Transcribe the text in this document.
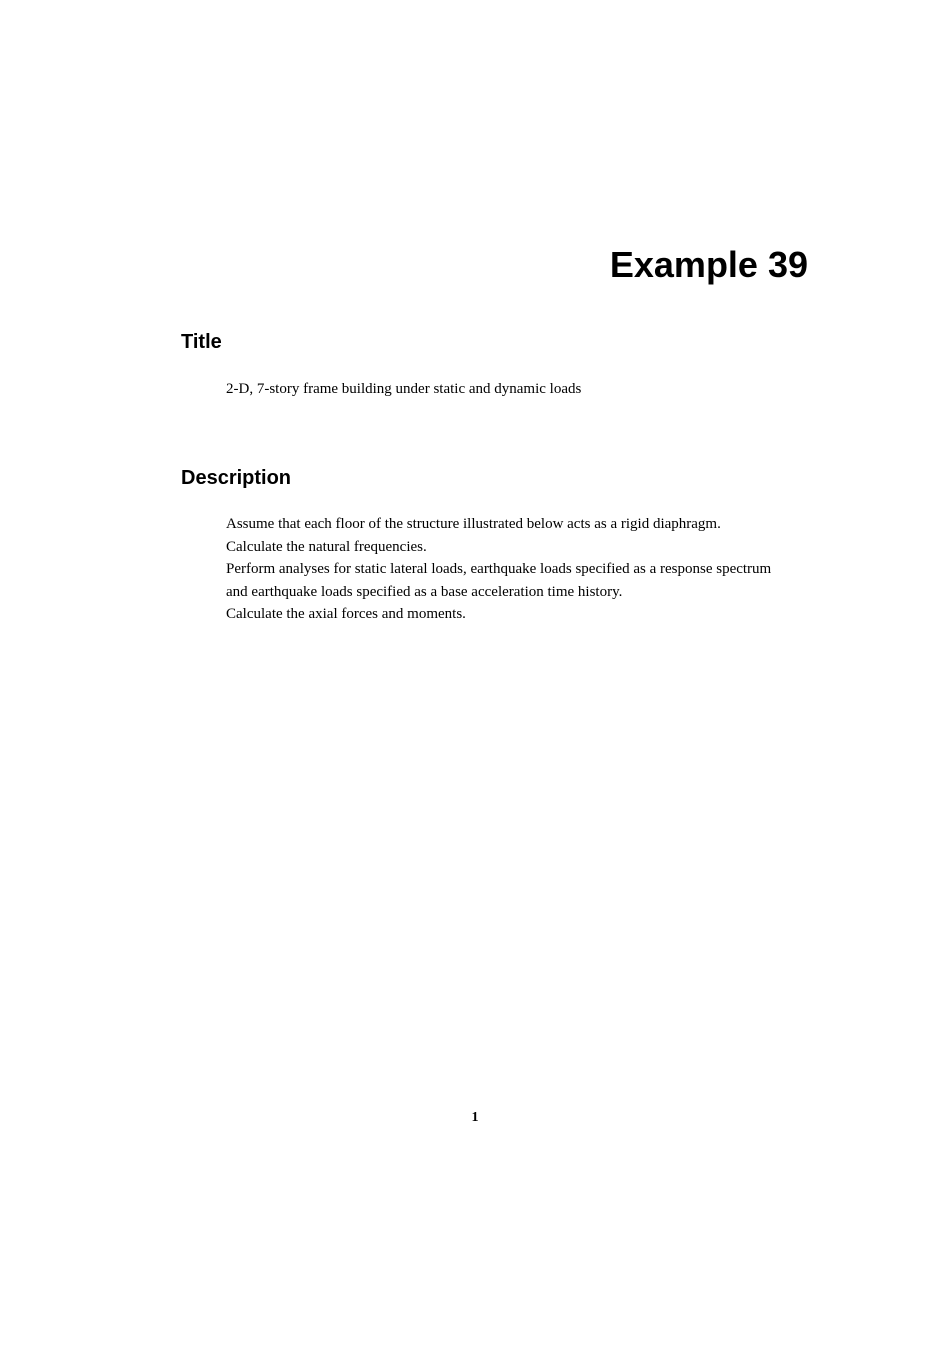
Example 39
Title

2-D, 7-story frame building under static and dynamic loads

Description
Assume that each floor of the structure illustrated below acts as a rigid diaphragm.
Calculate the natural frequencies.
Perform analyses for static lateral loads, earthquake loads specified as a response spectrum
and earthquake loads specified as a base acceleration time history.
Calculate the axial forces and moments.

1
